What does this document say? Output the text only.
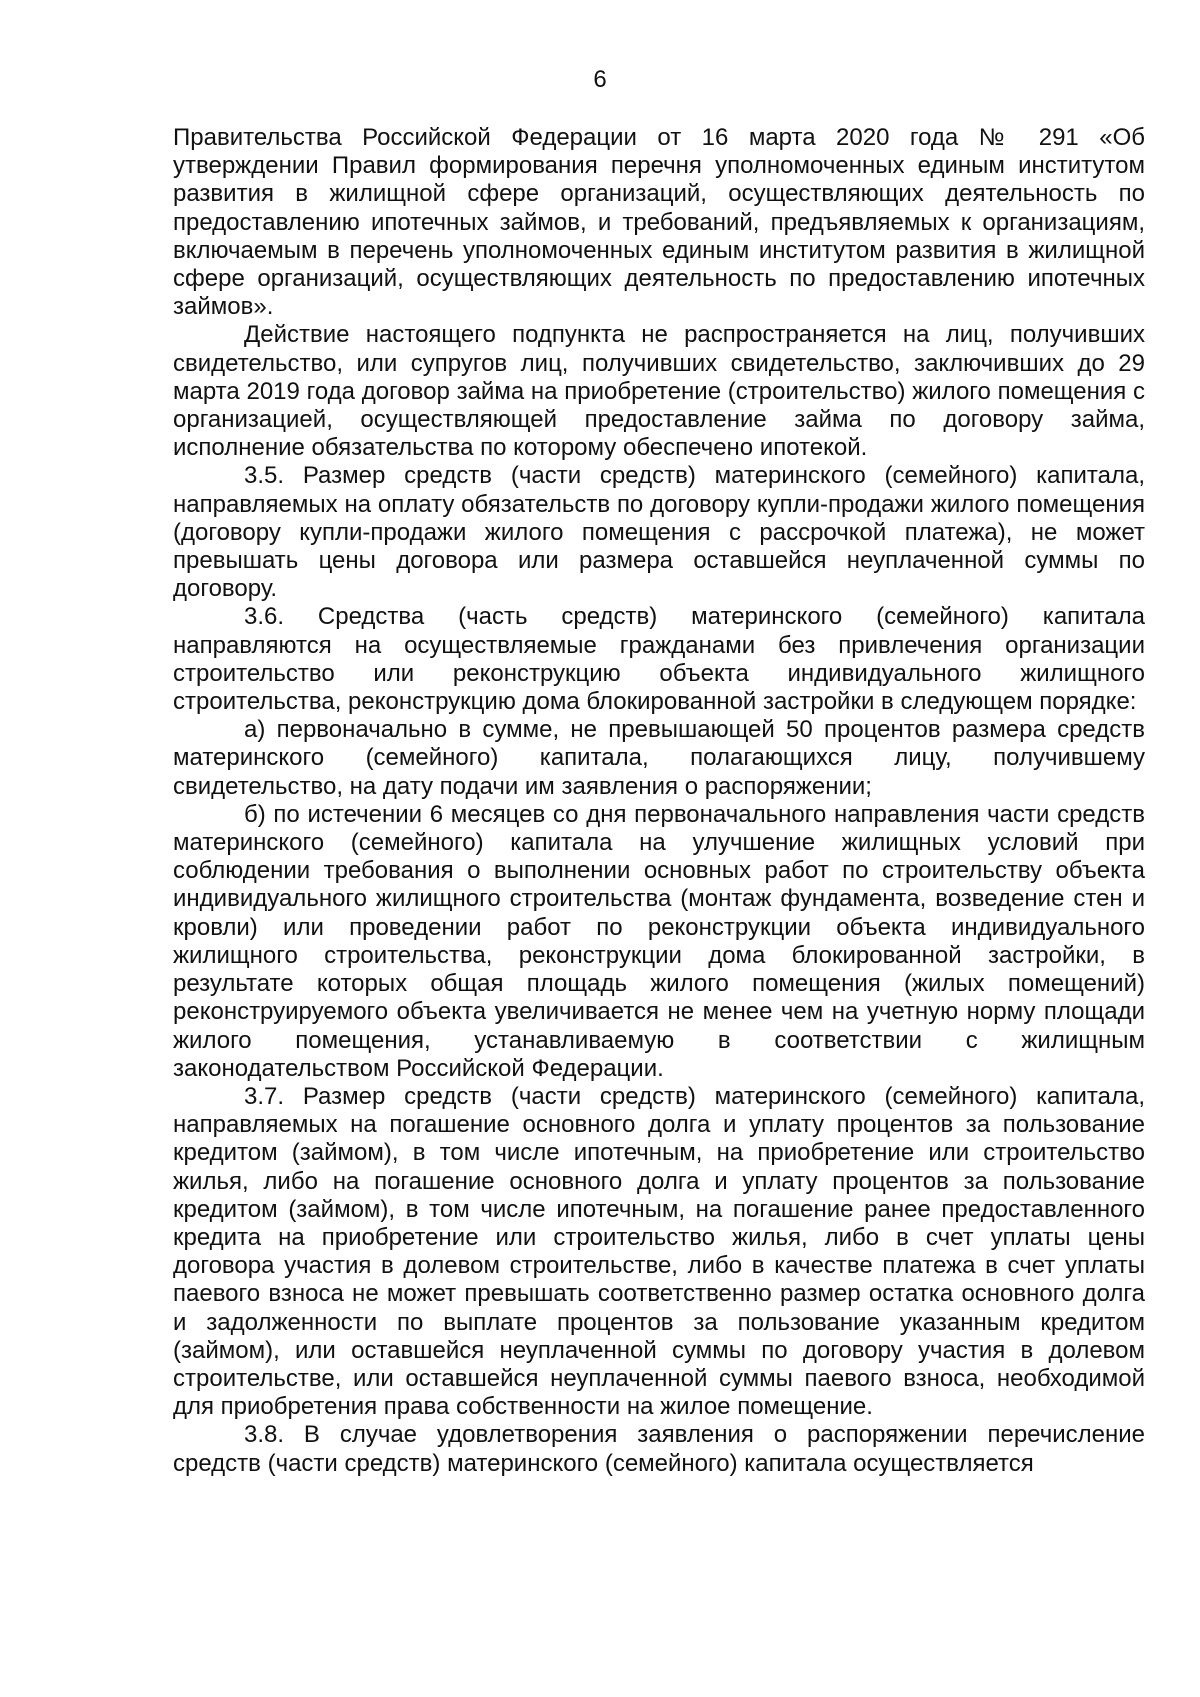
6

Правительства Российской Федерации от 16 марта 2020 года № 291 «Об утверждении Правил формирования перечня уполномоченных единым институтом развития в жилищной сфере организаций, осуществляющих деятельность по предоставлению ипотечных займов, и требований, предъявляемых к организациям, включаемым в перечень уполномоченных единым институтом развития в жилищной сфере организаций, осуществляющих деятельность по предоставлению ипотечных займов».

Действие настоящего подпункта не распространяется на лиц, получивших свидетельство, или супругов лиц, получивших свидетельство, заключивших до 29 марта 2019 года договор займа на приобретение (строительство) жилого помещения с организацией, осуществляющей предоставление займа по договору займа, исполнение обязательства по которому обеспечено ипотекой.

3.5. Размер средств (части средств) материнского (семейного) капитала, направляемых на оплату обязательств по договору купли-продажи жилого помещения (договору купли-продажи жилого помещения с рассрочкой платежа), не может превышать цены договора или размера оставшейся неуплаченной суммы по договору.

3.6. Средства (часть средств) материнского (семейного) капитала направляются на осуществляемые гражданами без привлечения организации строительство или реконструкцию объекта индивидуального жилищного строительства, реконструкцию дома блокированной застройки в следующем порядке:

а) первоначально в сумме, не превышающей 50 процентов размера средств материнского (семейного) капитала, полагающихся лицу, получившему свидетельство, на дату подачи им заявления о распоряжении;

б) по истечении 6 месяцев со дня первоначального направления части средств материнского (семейного) капитала на улучшение жилищных условий при соблюдении требования о выполнении основных работ по строительству объекта индивидуального жилищного строительства (монтаж фундамента, возведение стен и кровли) или проведении работ по реконструкции объекта индивидуального жилищного строительства, реконструкции дома блокированной застройки, в результате которых общая площадь жилого помещения (жилых помещений) реконструируемого объекта увеличивается не менее чем на учетную норму площади жилого помещения, устанавливаемую в соответствии с жилищным законодательством Российской Федерации.

3.7. Размер средств (части средств) материнского (семейного) капитала, направляемых на погашение основного долга и уплату процентов за пользование кредитом (займом), в том числе ипотечным, на приобретение или строительство жилья, либо на погашение основного долга и уплату процентов за пользование кредитом (займом), в том числе ипотечным, на погашение ранее предоставленного кредита на приобретение или строительство жилья, либо в счет уплаты цены договора участия в долевом строительстве, либо в качестве платежа в счет уплаты паевого взноса не может превышать соответственно размер остатка основного долга и задолженности по выплате процентов за пользование указанным кредитом (займом), или оставшейся неуплаченной суммы по договору участия в долевом строительстве, или оставшейся неуплаченной суммы паевого взноса, необходимой для приобретения права собственности на жилое помещение.

3.8. В случае удовлетворения заявления о распоряжении перечисление средств (части средств) материнского (семейного) капитала осуществляется
